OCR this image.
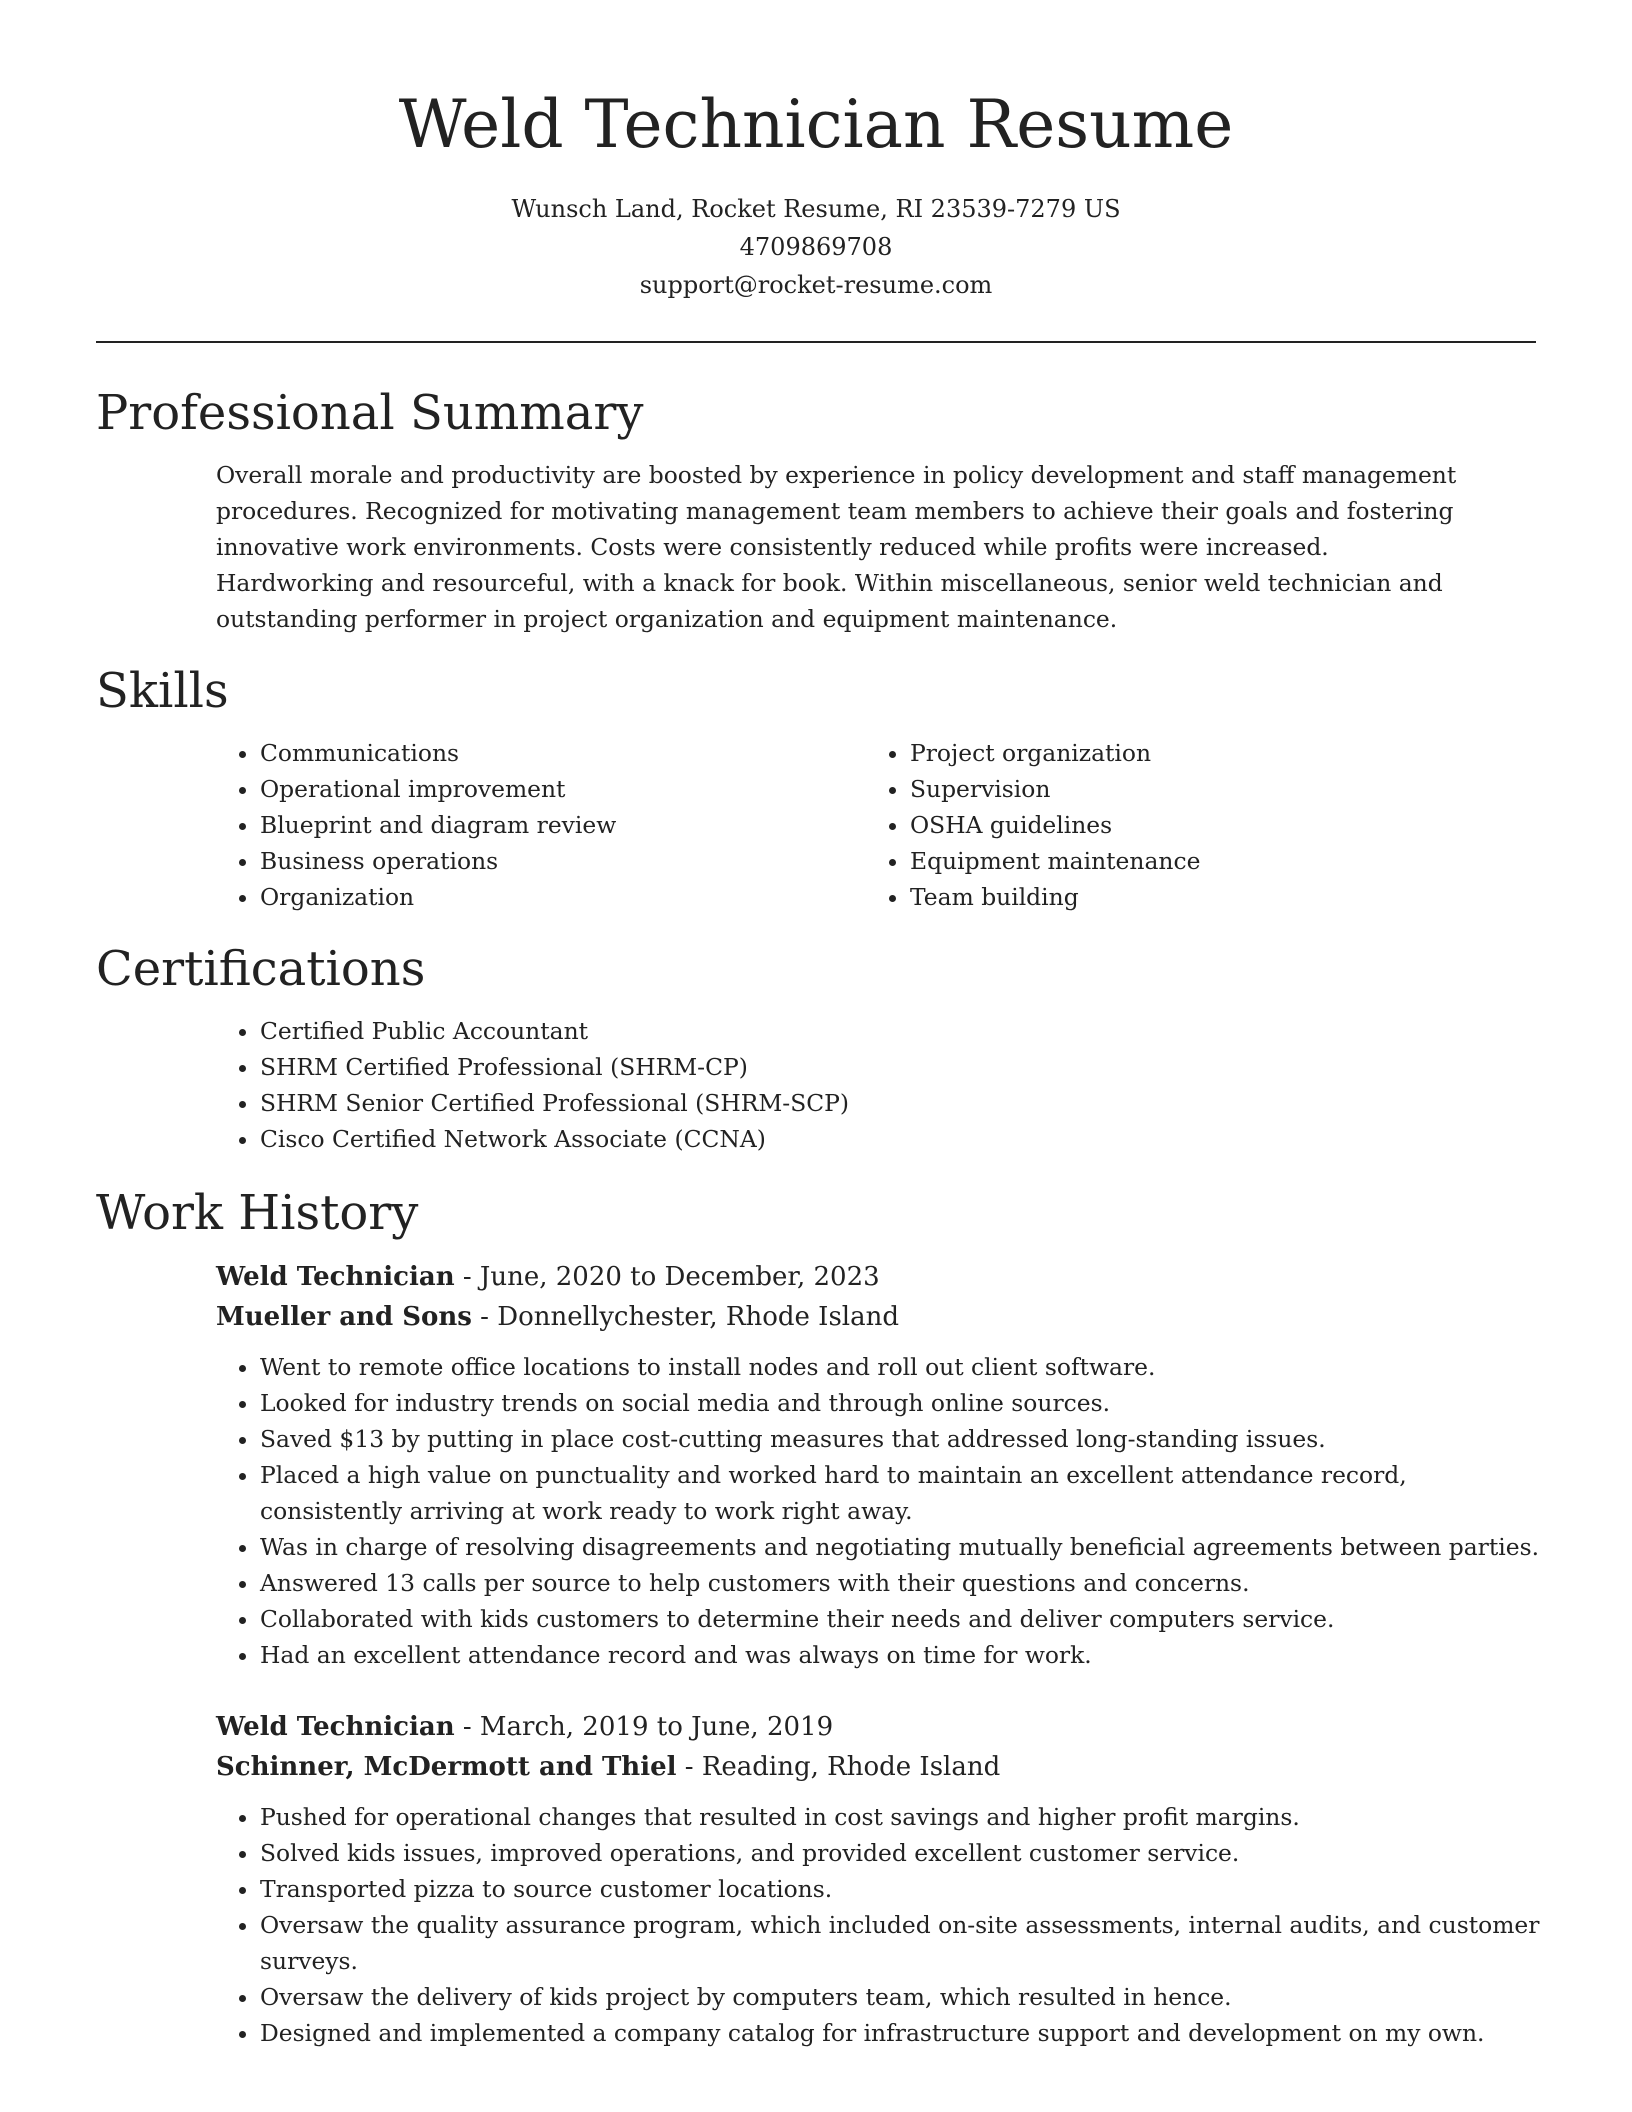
Weld Technician Resume

Wunsch Land, Rocket Resume, RI 23539-7279 US

4709869708

support@rocket-resume.com

Professional Summary

Overall morale and productivity are boosted by experience in policy development and staff management procedures. Recognized for motivating management team members to achieve their goals and fostering innovative work environments. Costs were consistently reduced while profits were increased. Hardworking and resourceful, with a knack for book. Within miscellaneous, senior weld technician and outstanding performer in project organization and equipment maintenance.

Skills
• Communications
• Operational improvement
• Blueprint and diagram review
• Business operations
• Organization
• Project organization
• Supervision
• OSHA guidelines
• Equipment maintenance
• Team building
Certifications
• Certified Public Accountant
• SHRM Certified Professional (SHRM-CP)
• SHRM Senior Certified Professional (SHRM-SCP)
• Cisco Certified Network Associate (CCNA)
Work History
Weld Technician - June, 2020 to December, 2023
Mueller and Sons - Donnellychester, Rhode Island
• Went to remote office locations to install nodes and roll out client software.
• Looked for industry trends on social media and through online sources.
• Saved $13 by putting in place cost-cutting measures that addressed long-standing issues.
• Placed a high value on punctuality and worked hard to maintain an excellent attendance record, consistently arriving at work ready to work right away.
• Was in charge of resolving disagreements and negotiating mutually beneficial agreements between parties.
• Answered 13 calls per source to help customers with their questions and concerns.
• Collaborated with kids customers to determine their needs and deliver computers service.
• Had an excellent attendance record and was always on time for work.
Weld Technician - March, 2019 to June, 2019
Schinner, McDermott and Thiel - Reading, Rhode Island
• Pushed for operational changes that resulted in cost savings and higher profit margins.
• Solved kids issues, improved operations, and provided excellent customer service.
• Transported pizza to source customer locations.
• Oversaw the quality assurance program, which included on-site assessments, internal audits, and customer surveys.
• Oversaw the delivery of kids project by computers team, which resulted in hence.
• Designed and implemented a company catalog for infrastructure support and development on my own.
